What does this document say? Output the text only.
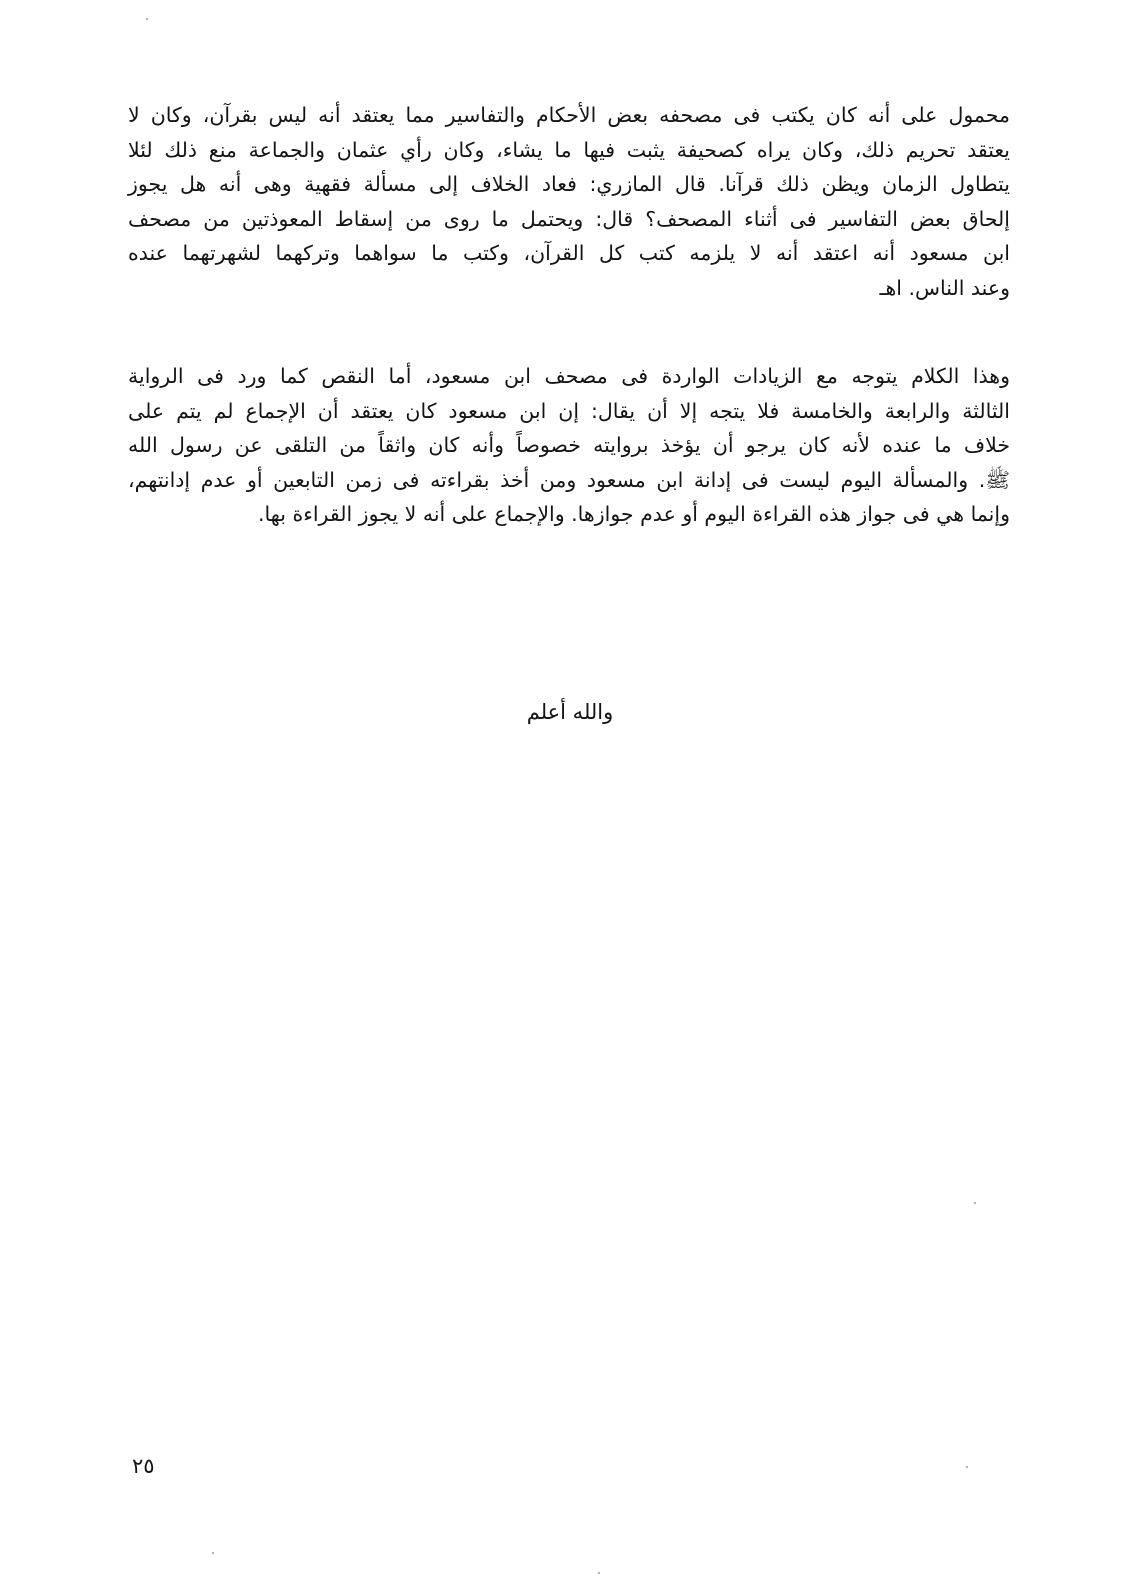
محمول على أنه كان يكتب فى مصحفه بعض الأحكام والتفاسير مما يعتقد أنه ليس بقرآن، وكان لا
يعتقد تحريم ذلك، وكان يراه كصحيفة يثبت فيها ما يشاء، وكان رأي عثمان والجماعة منع ذلك لئلا
يتطاول الزمان ويظن ذلك قرآنا. قال المازري: فعاد الخلاف إلى مسألة فقهية وهى أنه هل يجوز
إلحاق بعض التفاسير فى أثناء المصحف؟ قال: ويحتمل ما روى من إسقاط المعوذتين من مصحف
ابن مسعود أنه اعتقد أنه لا يلزمه كتب كل القرآن، وكتب ما سواهما وتركهما لشهرتهما عنده
وعند الناس. اهـ
وهذا الكلام يتوجه مع الزيادات الواردة فى مصحف ابن مسعود، أما النقص كما ورد فى الرواية
الثالثة والرابعة والخامسة فلا يتجه إلا أن يقال: إن ابن مسعود كان يعتقد أن الإجماع لم يتم على
خلاف ما عنده لأنه كان يرجو أن يؤخذ بروايته خصوصاً وأنه كان واثقاً من التلقى عن رسول الله
ﷺ. والمسألة اليوم ليست فى إدانة ابن مسعود ومن أخذ بقراءته فى زمن التابعين أو عدم إدانتهم،
وإنما هي فى جواز هذه القراءة اليوم أو عدم جوازها. والإجماع على أنه لا يجوز القراءة بها.
والله أعلم
٢٥
